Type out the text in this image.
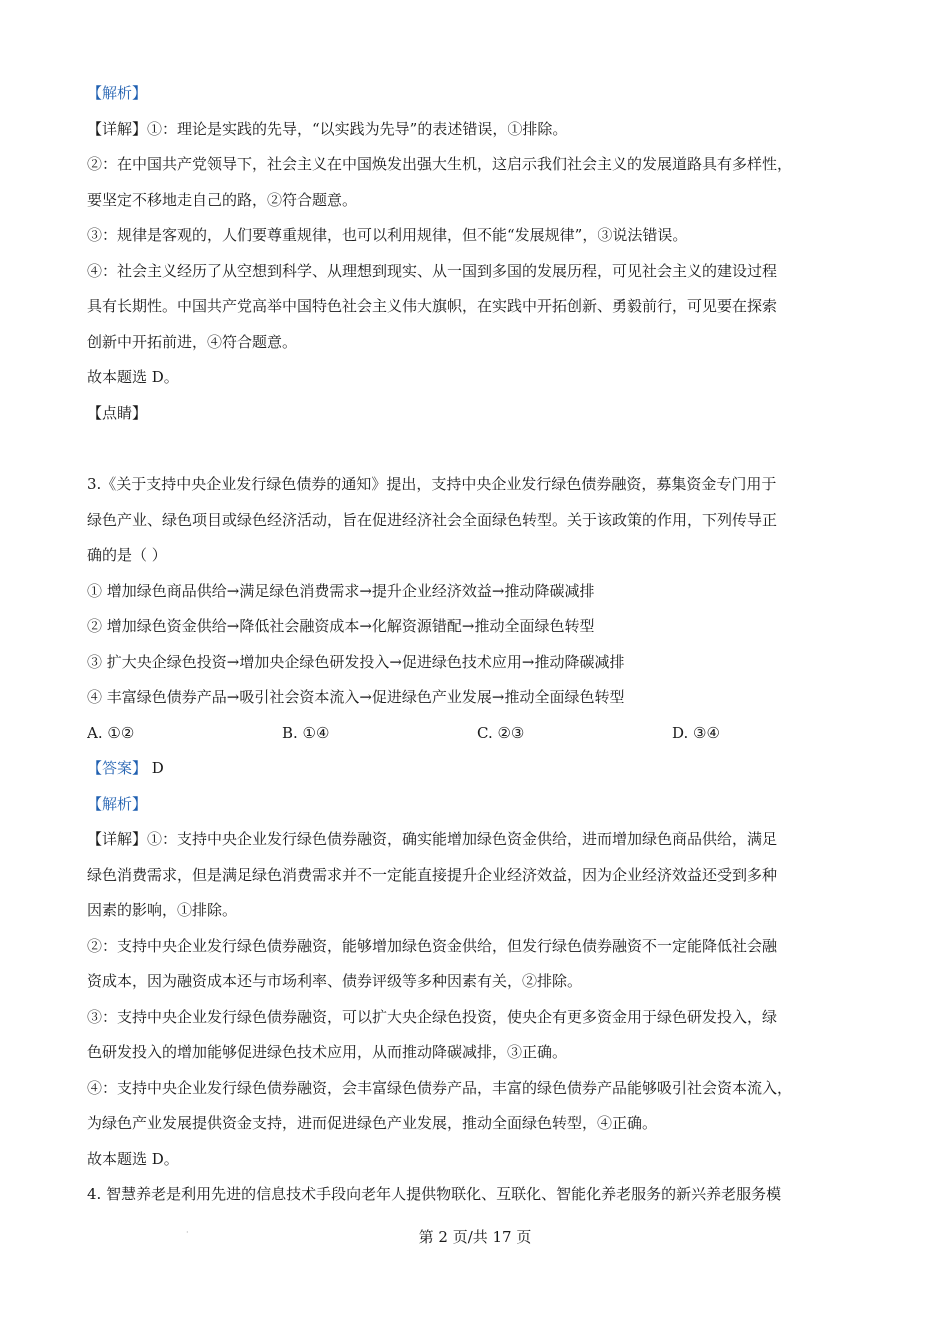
【解析】
【详解】①：理论是实践的先导，“以实践为先导”的表述错误，①排除。
②：在中国共产党领导下，社会主义在中国焕发出强大生机，这启示我们社会主义的发展道路具有多样性，
要坚定不移地走自己的路，②符合题意。
③：规律是客观的，人们要尊重规律，也可以利用规律，但不能“发展规律”，③说法错误。
④：社会主义经历了从空想到科学、从理想到现实、从一国到多国的发展历程，可见社会主义的建设过程
具有长期性。中国共产党高举中国特色社会主义伟大旗帜，在实践中开拓创新、勇毅前行，可见要在探索
创新中开拓前进，④符合题意。
故本题选 D。
【点睛】
3.《关于支持中央企业发行绿色债券的通知》提出，支持中央企业发行绿色债券融资，募集资金专门用于
绿色产业、绿色项目或绿色经济活动，旨在促进经济社会全面绿色转型。关于该政策的作用，下列传导正
确的是（ ）
① 增加绿色商品供给→满足绿色消费需求→提升企业经济效益→推动降碳减排
② 增加绿色资金供给→降低社会融资成本→化解资源错配→推动全面绿色转型
③ 扩大央企绿色投资→增加央企绿色研发投入→促进绿色技术应用→推动降碳减排
④ 丰富绿色债券产品→吸引社会资本流入→促进绿色产业发展→推动全面绿色转型
A. ①②	B. ①④	C. ②③	D. ③④
【答案】 D
【解析】
【详解】①：支持中央企业发行绿色债券融资，确实能增加绿色资金供给，进而增加绿色商品供给，满足
绿色消费需求，但是满足绿色消费需求并不一定能直接提升企业经济效益，因为企业经济效益还受到多种
因素的影响，①排除。
②：支持中央企业发行绿色债券融资，能够增加绿色资金供给，但发行绿色债券融资不一定能降低社会融
资成本，因为融资成本还与市场利率、债券评级等多种因素有关，②排除。
③：支持中央企业发行绿色债券融资，可以扩大央企绿色投资，使央企有更多资金用于绿色研发投入，绿
色研发投入的增加能够促进绿色技术应用，从而推动降碳减排，③正确。
④：支持中央企业发行绿色债券融资，会丰富绿色债券产品，丰富的绿色债券产品能够吸引社会资本流入，
为绿色产业发展提供资金支持，进而促进绿色产业发展，推动全面绿色转型，④正确。
故本题选 D。
4. 智慧养老是利用先进的信息技术手段向老年人提供物联化、互联化、智能化养老服务的新兴养老服务模
·	第 2 页/共 17 页
